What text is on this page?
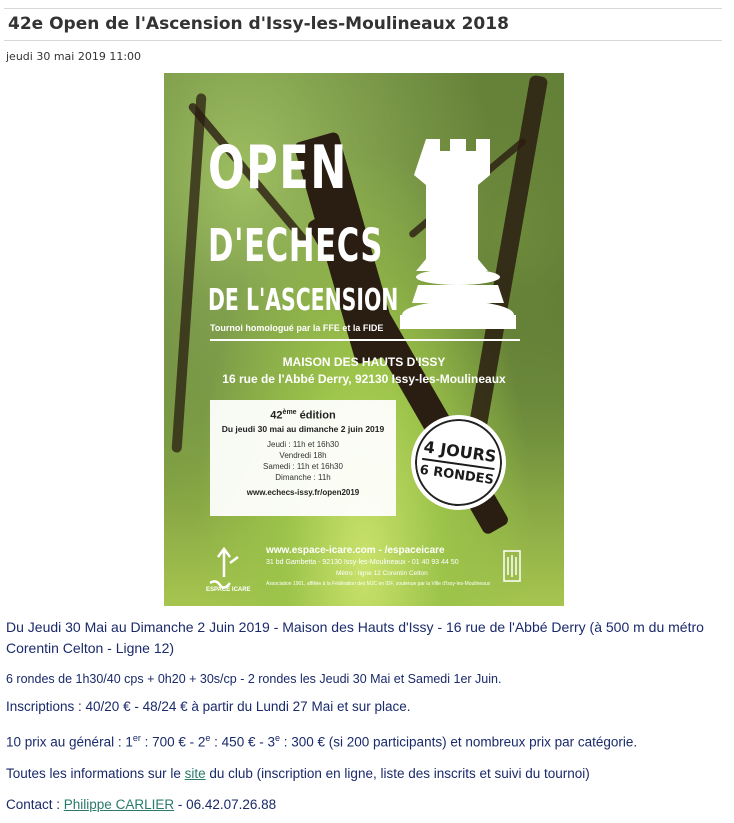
42e Open de l'Ascension d'Issy-les-Moulineaux 2018
jeudi 30 mai 2019 11:00
OPEN
D'ECHECS
DE L'ASCENSION
Tournoi homologué par la FFE et la FIDE
MAISON DES HAUTS D'ISSY
16 rue de l'Abbé Derry, 92130 Issy-les-Moulineaux
42ème édition
Du jeudi 30 mai au dimanche 2 juin 2019
Jeudi : 11h et 16h30
Vendredi 18h
Samedi : 11h et 16h30
Dimanche : 11h
www.echecs-issy.fr/open2019
4 JOURS
6 RONDES
ESPACE ICARE
www.espace-icare.com - /espaceicare
31 bd Gambetta - 92130 Issy-les-Moulineaux - 01 40 93 44 50
Métro : ligne 12 Corentin Celton
Association 1901, affiliée à la Fédération des MJC en IDF, soutenue par la Ville d'Issy-les-Moulineaux
Du Jeudi 30 Mai au Dimanche 2 Juin 2019 - Maison des Hauts d'Issy - 16 rue de l'Abbé Derry (à 500 m du métro Corentin Celton - Ligne 12)
6 rondes de 1h30/40 cps + 0h20 + 30s/cp - 2 rondes les Jeudi 30 Mai et Samedi 1er Juin.
Inscriptions : 40/20 € - 48/24 € à partir du Lundi 27 Mai et sur place.
10 prix au général : 1er : 700 € - 2e : 450 € - 3e : 300 € (si 200 participants) et nombreux prix par catégorie.
Toutes les informations sur le site du club (inscription en ligne, liste des inscrits et suivi du tournoi)
Contact : Philippe CARLIER - 06.42.07.26.88
